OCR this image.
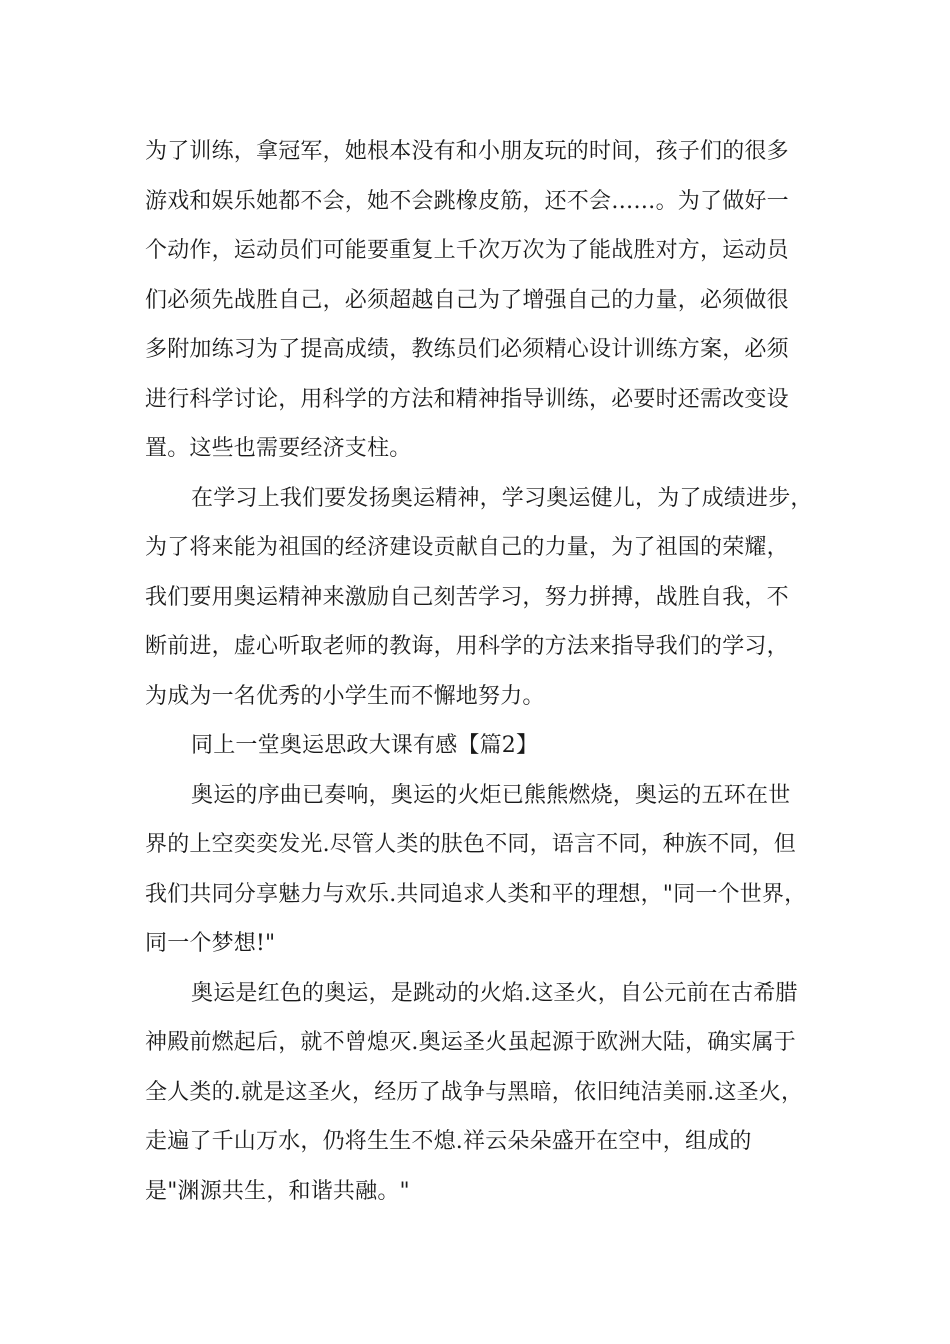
为了训练，拿冠军，她根本没有和小朋友玩的时间，孩子们的很多
游戏和娱乐她都不会，她不会跳橡皮筋，还不会……。为了做好一
个动作，运动员们可能要重复上千次万次为了能战胜对方，运动员
们必须先战胜自己，必须超越自己为了增强自己的力量，必须做很
多附加练习为了提高成绩，教练员们必须精心设计训练方案，必须
进行科学讨论，用科学的方法和精神指导训练，必要时还需改变设
置。这些也需要经济支柱。
在学习上我们要发扬奥运精神，学习奥运健儿，为了成绩进步，
为了将来能为祖国的经济建设贡献自己的力量，为了祖国的荣耀，
我们要用奥运精神来激励自己刻苦学习，努力拼搏，战胜自我，不
断前进，虚心听取老师的教诲，用科学的方法来指导我们的学习，
为成为一名优秀的小学生而不懈地努力。
同上一堂奥运思政大课有感【篇2】
奥运的序曲已奏响，奥运的火炬已熊熊燃烧，奥运的五环在世
界的上空奕奕发光.尽管人类的肤色不同，语言不同，种族不同，但
我们共同分享魅力与欢乐.共同追求人类和平的理想，"同一个世界，
同一个梦想!"
奥运是红色的奥运，是跳动的火焰.这圣火，自公元前在古希腊
神殿前燃起后，就不曾熄灭.奥运圣火虽起源于欧洲大陆，确实属于
全人类的.就是这圣火，经历了战争与黑暗，依旧纯洁美丽.这圣火，
走遍了千山万水，仍将生生不熄.祥云朵朵盛开在空中，组成的
是"渊源共生，和谐共融。"
